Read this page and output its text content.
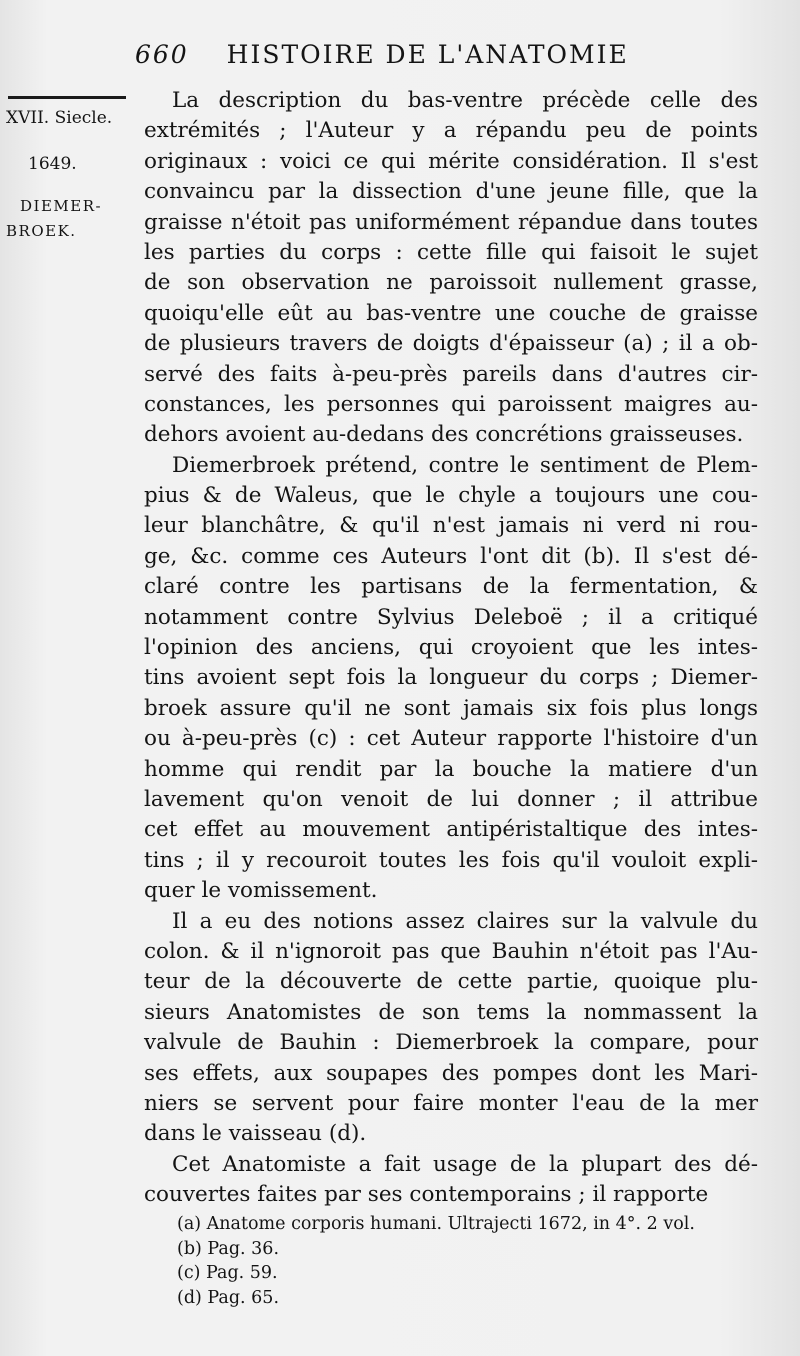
660 HISTOIRE DE L'ANATOMIE
XVII. Siecle.
1649.
DIEMER-
BROEK.
La description du bas-ventre précède celle des
extrémités ; l'Auteur y a répandu peu de points
originaux : voici ce qui mérite considération. Il s'est
convaincu par la dissection d'une jeune fille, que la
graisse n'étoit pas uniformément répandue dans toutes
les parties du corps : cette fille qui faisoit le sujet
de son observation ne paroissoit nullement grasse,
quoiqu'elle eût au bas-ventre une couche de graisse
de plusieurs travers de doigts d'épaisseur (a) ; il a ob-
servé des faits à-peu-près pareils dans d'autres cir-
constances, les personnes qui paroissent maigres au-
dehors avoient au-dedans des concrétions graisseuses.
Diemerbroek prétend, contre le sentiment de Plem-
pius & de Waleus, que le chyle a toujours une cou-
leur blanchâtre, & qu'il n'est jamais ni verd ni rou-
ge, &c. comme ces Auteurs l'ont dit (b). Il s'est dé-
claré contre les partisans de la fermentation, &
notamment contre Sylvius Deleboë ; il a critiqué
l'opinion des anciens, qui croyoient que les intes-
tins avoient sept fois la longueur du corps ; Diemer-
broek assure qu'il ne sont jamais six fois plus longs
ou à-peu-près (c) : cet Auteur rapporte l'histoire d'un
homme qui rendit par la bouche la matiere d'un
lavement qu'on venoit de lui donner ; il attribue
cet effet au mouvement antipéristaltique des intes-
tins ; il y recouroit toutes les fois qu'il vouloit expli-
quer le vomissement.
Il a eu des notions assez claires sur la valvule du
colon. & il n'ignoroit pas que Bauhin n'étoit pas l'Au-
teur de la découverte de cette partie, quoique plu-
sieurs Anatomistes de son tems la nommassent la
valvule de Bauhin : Diemerbroek la compare, pour
ses effets, aux soupapes des pompes dont les Mari-
niers se servent pour faire monter l'eau de la mer
dans le vaisseau (d).
Cet Anatomiste a fait usage de la plupart des dé-
couvertes faites par ses contemporains ; il rapporte
(a) Anatome corporis humani. Ultrajecti 1672, in 4°. 2 vol.
(b) Pag. 36.
(c) Pag. 59.
(d) Pag. 65.
